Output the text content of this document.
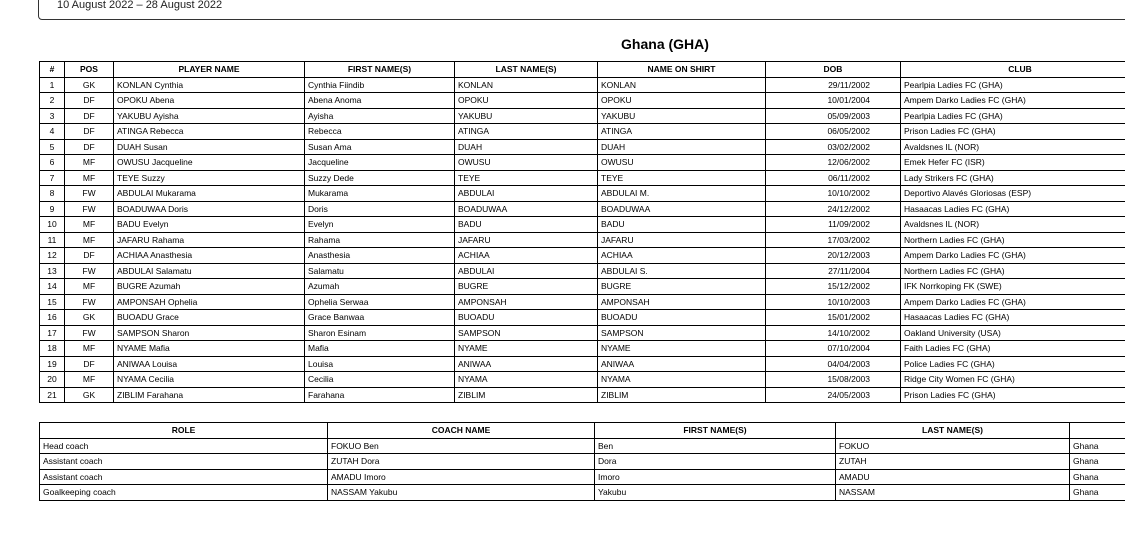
10 August 2022 – 28 August 2022
Ghana (GHA)
#	POS	PLAYER NAME	FIRST NAME(S)	LAST NAME(S)	NAME ON SHIRT	DOB	CLUB
1	GK	KONLAN Cynthia	Cynthia Fiindib	KONLAN	KONLAN	29/11/2002	Pearlpia Ladies FC (GHA)
2	DF	OPOKU Abena	Abena Anoma	OPOKU	OPOKU	10/01/2004	Ampem Darko Ladies FC (GHA)
3	DF	YAKUBU Ayisha	Ayisha	YAKUBU	YAKUBU	05/09/2003	Pearlpia Ladies FC (GHA)
4	DF	ATINGA Rebecca	Rebecca	ATINGA	ATINGA	06/05/2002	Prison Ladies FC (GHA)
5	DF	DUAH Susan	Susan Ama	DUAH	DUAH	03/02/2002	Avaldsnes IL (NOR)
6	MF	OWUSU Jacqueline	Jacqueline	OWUSU	OWUSU	12/06/2002	Emek Hefer FC (ISR)
7	MF	TEYE Suzzy	Suzzy Dede	TEYE	TEYE	06/11/2002	Lady Strikers FC (GHA)
8	FW	ABDULAI Mukarama	Mukarama	ABDULAI	ABDULAI M.	10/10/2002	Deportivo Alavés Gloriosas (ESP)
9	FW	BOADUWAA Doris	Doris	BOADUWAA	BOADUWAA	24/12/2002	Hasaacas Ladies FC (GHA)
10	MF	BADU Evelyn	Evelyn	BADU	BADU	11/09/2002	Avaldsnes IL (NOR)
11	MF	JAFARU Rahama	Rahama	JAFARU	JAFARU	17/03/2002	Northern Ladies FC (GHA)
12	DF	ACHIAA Anasthesia	Anasthesia	ACHIAA	ACHIAA	20/12/2003	Ampem Darko Ladies FC (GHA)
13	FW	ABDULAI Salamatu	Salamatu	ABDULAI	ABDULAI S.	27/11/2004	Northern Ladies FC (GHA)
14	MF	BUGRE Azumah	Azumah	BUGRE	BUGRE	15/12/2002	IFK Norrkoping FK (SWE)
15	FW	AMPONSAH Ophelia	Ophelia Serwaa	AMPONSAH	AMPONSAH	10/10/2003	Ampem Darko Ladies FC (GHA)
16	GK	BUOADU Grace	Grace Banwaa	BUOADU	BUOADU	15/01/2002	Hasaacas Ladies FC (GHA)
17	FW	SAMPSON Sharon	Sharon Esinam	SAMPSON	SAMPSON	14/10/2002	Oakland University (USA)
18	MF	NYAME Mafia	Mafia	NYAME	NYAME	07/10/2004	Faith Ladies FC (GHA)
19	DF	ANIWAA Louisa	Louisa	ANIWAA	ANIWAA	04/04/2003	Police Ladies FC (GHA)
20	MF	NYAMA Cecilia	Cecilia	NYAMA	NYAMA	15/08/2003	Ridge City Women FC (GHA)
21	GK	ZIBLIM Farahana	Farahana	ZIBLIM	ZIBLIM	24/05/2003	Prison Ladies FC (GHA)
ROLE	COACH NAME	FIRST NAME(S)	LAST NAME(S)	
Head coach	FOKUO Ben	Ben	FOKUO	Ghana
Assistant coach	ZUTAH Dora	Dora	ZUTAH	Ghana
Assistant coach	AMADU Imoro	Imoro	AMADU	Ghana
Goalkeeping coach	NASSAM Yakubu	Yakubu	NASSAM	Ghana
